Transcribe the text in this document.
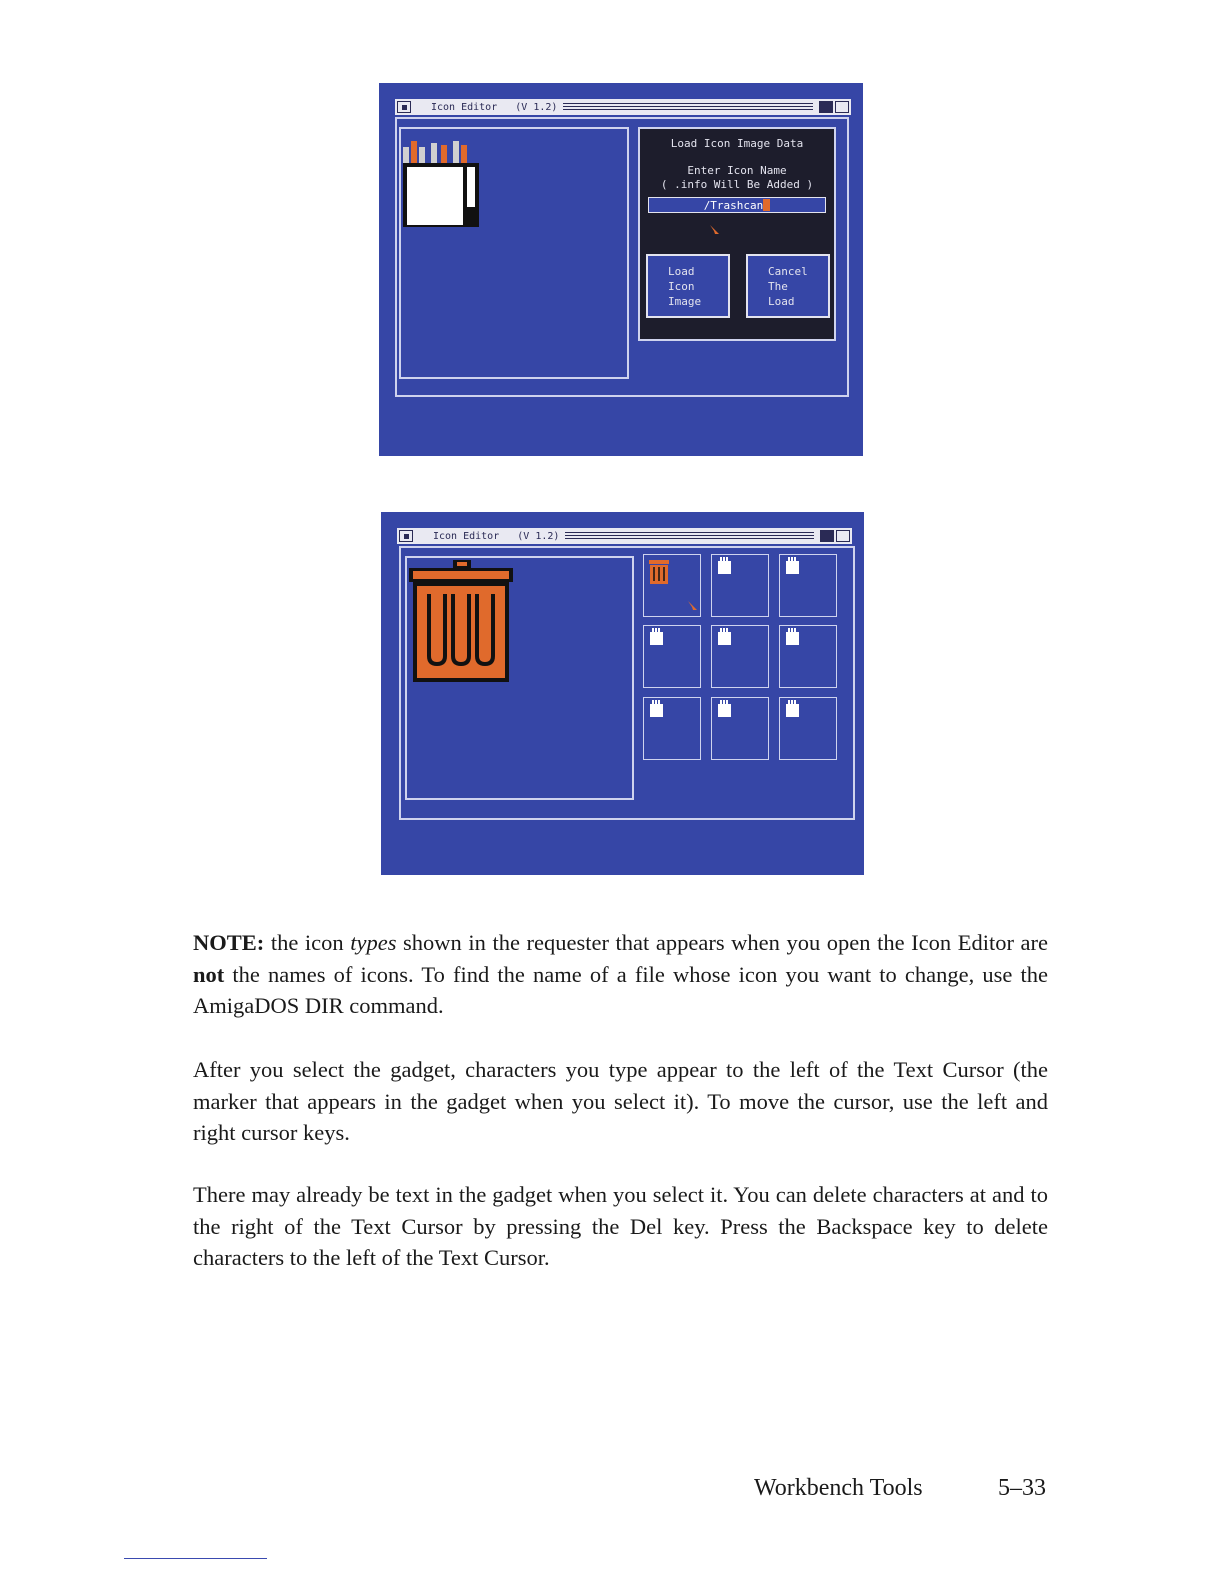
Icon Editor   (V 1.2)
Load Icon Image Data
Enter Icon Name
( .info Will Be Added )
/Trashcan
Load
Icon
Image
Cancel
The
Load
Icon Editor   (V 1.2)

NOTE: the icon types shown in the requester that appears when you open the Icon Editor are not the names of icons. To find the name of a file whose icon you want to change, use the AmigaDOS DIR command.

After you select the gadget, characters you type appear to the left of the Text Cursor (the marker that appears in the gadget when you select it). To move the cursor, use the left and right cursor keys.

There may already be text in the gadget when you select it. You can delete characters at and to the right of the Text Cursor by pressing the Del key. Press the Backspace key to delete characters to the left of the Text Cursor.

Workbench Tools	5–33
